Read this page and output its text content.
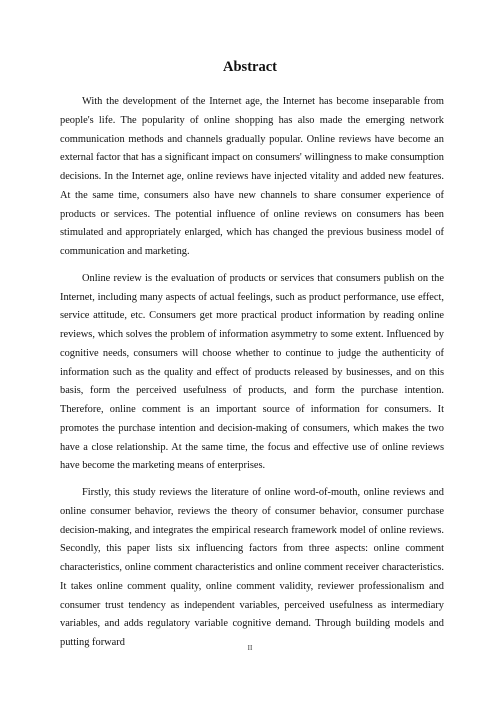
Abstract

With the development of the Internet age, the Internet has become inseparable from people's life. The popularity of online shopping has also made the emerging network communication methods and channels gradually popular. Online reviews have become an external factor that has a significant impact on consumers' willingness to make consumption decisions. In the Internet age, online reviews have injected vitality and added new features. At the same time, consumers also have new channels to share consumer experience of products or services. The potential influence of online reviews on consumers has been stimulated and appropriately enlarged, which has changed the previous business model of communication and marketing.

Online review is the evaluation of products or services that consumers publish on the Internet, including many aspects of actual feelings, such as product performance, use effect, service attitude, etc. Consumers get more practical product information by reading online reviews, which solves the problem of information asymmetry to some extent. Influenced by cognitive needs, consumers will choose whether to continue to judge the authenticity of information such as the quality and effect of products released by businesses, and on this basis, form the perceived usefulness of products, and form the purchase intention. Therefore, online comment is an important source of information for consumers. It promotes the purchase intention and decision-making of consumers, which makes the two have a close relationship. At the same time, the focus and effective use of online reviews have become the marketing means of enterprises.

Firstly, this study reviews the literature of online word-of-mouth, online reviews and online consumer behavior, reviews the theory of consumer behavior, consumer purchase decision-making, and integrates the empirical research framework model of online reviews. Secondly, this paper lists six influencing factors from three aspects: online comment characteristics, online comment characteristics and online comment receiver characteristics. It takes online comment quality, online comment validity, reviewer professionalism and consumer trust tendency as independent variables, perceived usefulness as intermediary variables, and adds regulatory variable cognitive demand. Through building models and putting forward	II
